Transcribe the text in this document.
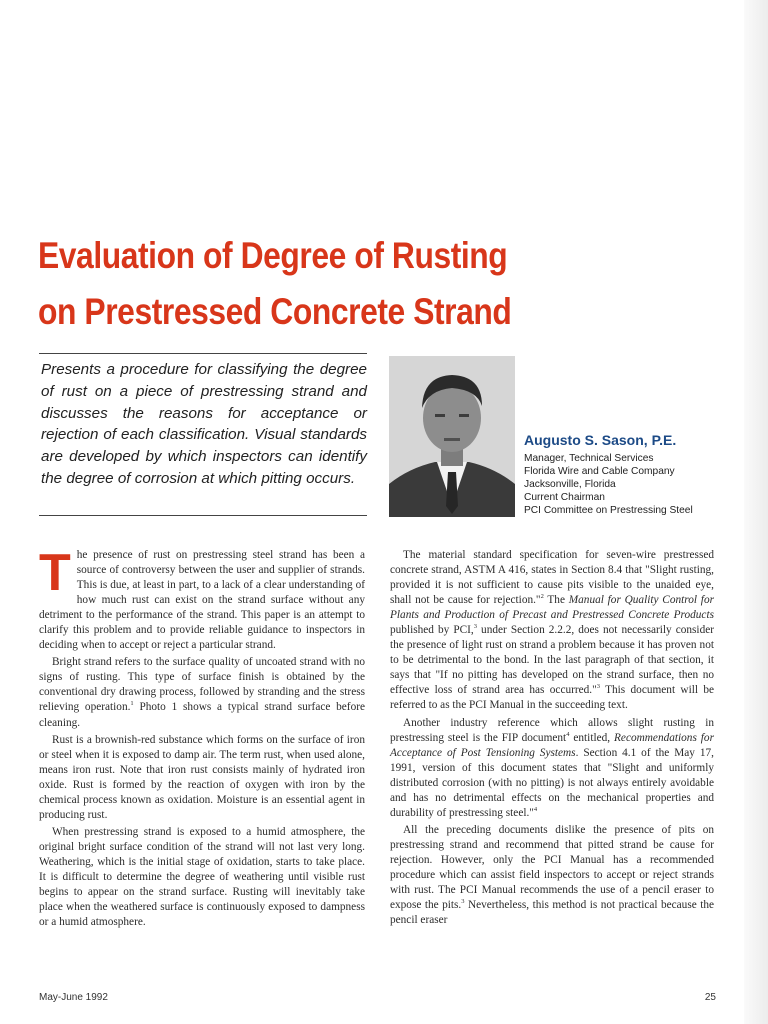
Evaluation of Degree of Rusting
on Prestressed Concrete Strand

Presents a procedure for classifying the degree of rust on a piece of prestressing strand and discusses the reasons for acceptance or rejection of each classification. Visual standards are developed by which inspectors can identify the degree of corrosion at which pitting occurs.

Augusto S. Sason, P.E.

Manager, Technical Services

Florida Wire and Cable Company

Jacksonville, Florida

Current Chairman

PCI Committee on Prestressing Steel

The presence of rust on prestressing steel strand has been a source of controversy between the user and supplier of strands. This is due, at least in part, to a lack of a clear understanding of how much rust can exist on the strand surface without any detriment to the performance of the strand. This paper is an attempt to clarify this problem and to provide reliable guidance to inspectors in deciding when to accept or reject a particular strand.

Bright strand refers to the surface quality of uncoated strand with no signs of rusting. This type of surface finish is obtained by the conventional dry drawing process, followed by stranding and the stress relieving operation.$^1$ Photo 1 shows a typical strand surface before cleaning.

Rust is a brownish-red substance which forms on the surface of iron or steel when it is exposed to damp air. The term rust, when used alone, means iron rust. Note that iron rust consists mainly of hydrated iron oxide. Rust is formed by the reaction of oxygen with iron by the chemical process known as oxidation. Moisture is an essential agent in producing rust.

When prestressing strand is exposed to a humid atmosphere, the original bright surface condition of the strand will not last very long. Weathering, which is the initial stage of oxidation, starts to take place. It is difficult to determine the degree of weathering until visible rust begins to appear on the strand surface. Rusting will inevitably take place when the weathered surface is continuously exposed to dampness or a humid atmosphere.

The material standard specification for seven-wire prestressed concrete strand, ASTM A 416, states in Section 8.4 that "Slight rusting, provided it is not sufficient to cause pits visible to the unaided eye, shall not be cause for rejection."$^2$ The Manual for Quality Control for Plants and Production of Precast and Prestressed Concrete Products published by PCI,$^3$ under Section 2.2.2, does not necessarily consider the presence of light rust on strand a problem because it has proven not to be detrimental to the bond. In the last paragraph of that section, it says that "If no pitting has developed on the strand surface, then no effective loss of strand area has occurred."$^3$ This document will be referred to as the PCI Manual in the succeeding text.

Another industry reference which allows slight rusting in prestressing steel is the FIP document$^4$ entitled, Recommendations for Acceptance of Post Tensioning Systems. Section 4.1 of the May 17, 1991, version of this document states that "Slight and uniformly distributed corrosion (with no pitting) is not always entirely avoidable and has no detrimental effects on the mechanical properties and durability of prestressing steel."$^4$

All the preceding documents dislike the presence of pits on prestressing strand and recommend that pitted strand be cause for rejection. However, only the PCI Manual has a recommended procedure which can assist field inspectors to accept or reject strands with rust. The PCI Manual recommends the use of a pencil eraser to expose the pits.$^3$ Nevertheless, this method is not practical because the pencil eraser

May-June 1992	25
